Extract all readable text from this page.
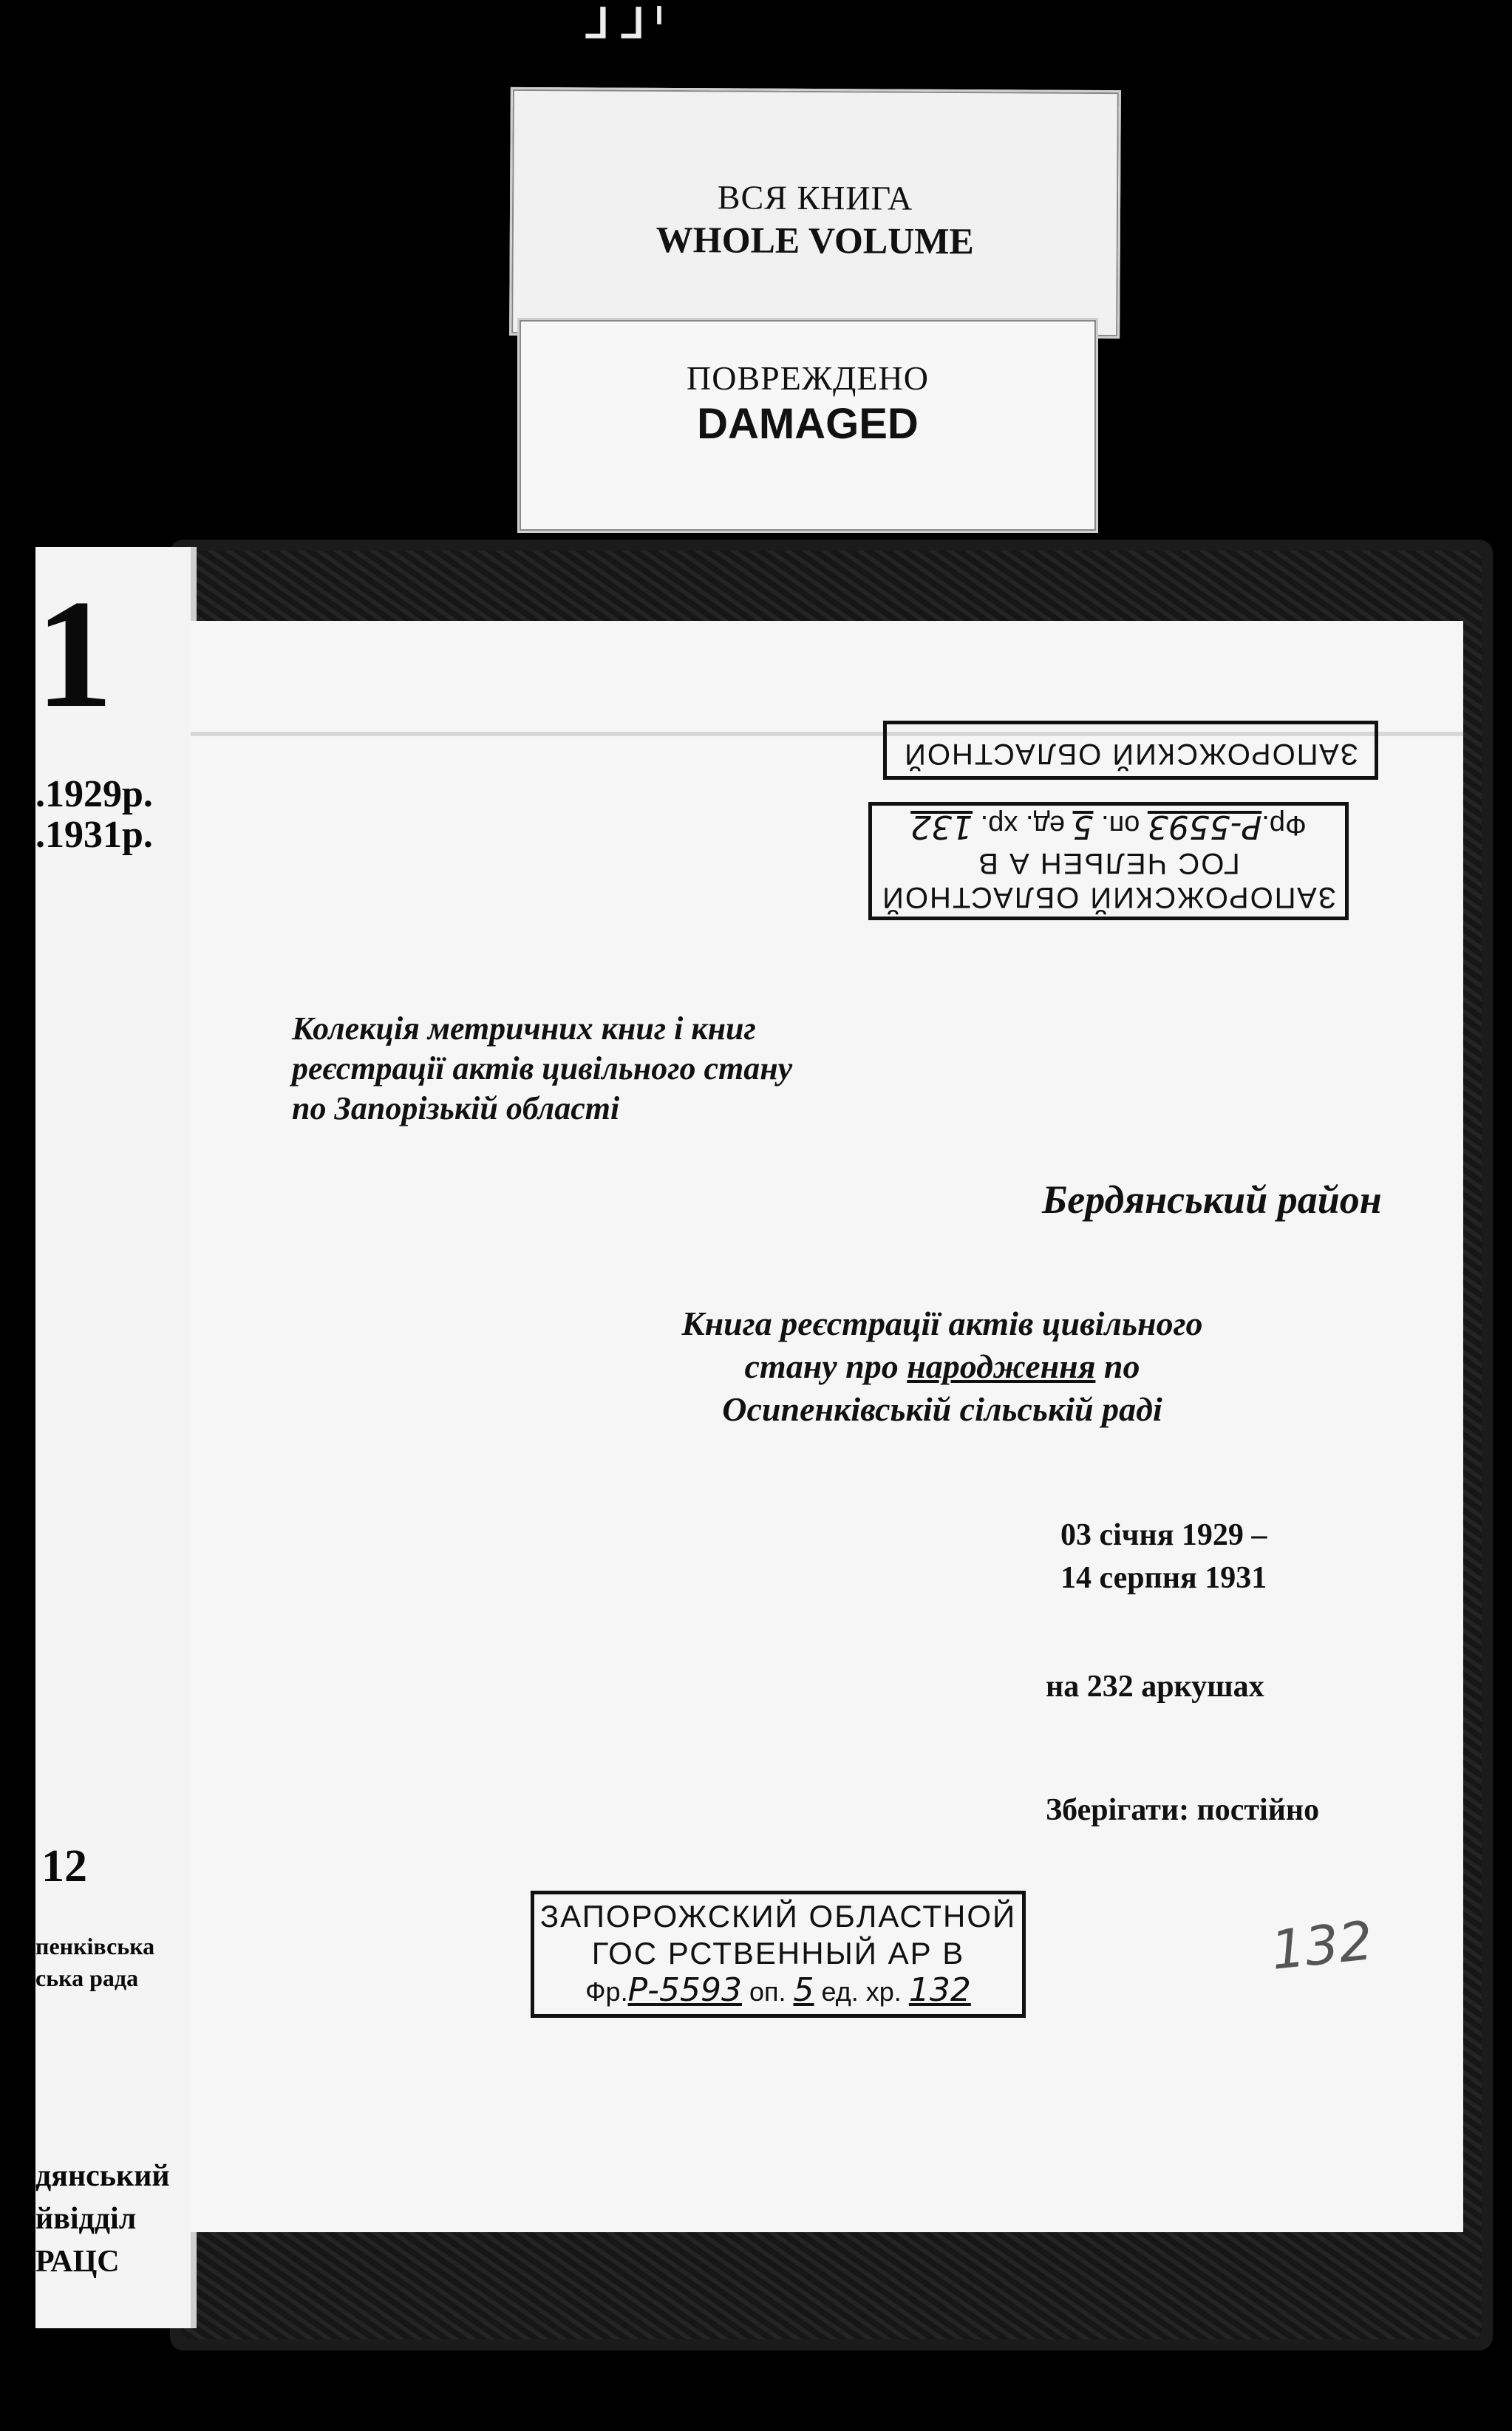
ᒧ ᒧ ᑊ
ВСЯ КНИГА
WHOLE VOLUME
ПОВРЕЖДЕНО
DAMAGED
1
.1929р.
.1931р.
12
пенківська
ська рада
дянський
йвідділ
РАЦС
ЗАПОРОЖСКИЙ ОБЛАСТНОЙ
ЗАПОРОЖСКИЙ ОБЛАСТНОЙ
ГОС ЧЕЛЬЕН А В
Фр.Р-5593 оп. 5 ед. хр. 132
Колекція метричних книг і книг
реєстрації актів цивільного стану
по Запорізькій області
Бердянський район
Книга реєстрації актів цивільного
стану про народження по
Осипенківській сільській раді
03 січня 1929 –
14 серпня 1931
на 232 аркушах
Зберігати: постійно
ЗАПОРОЖСКИЙ ОБЛАСТНОЙ
ГОС РСТВЕННЫЙ АР В
Фр.Р-5593 оп. 5 ед. хр. 132
132
